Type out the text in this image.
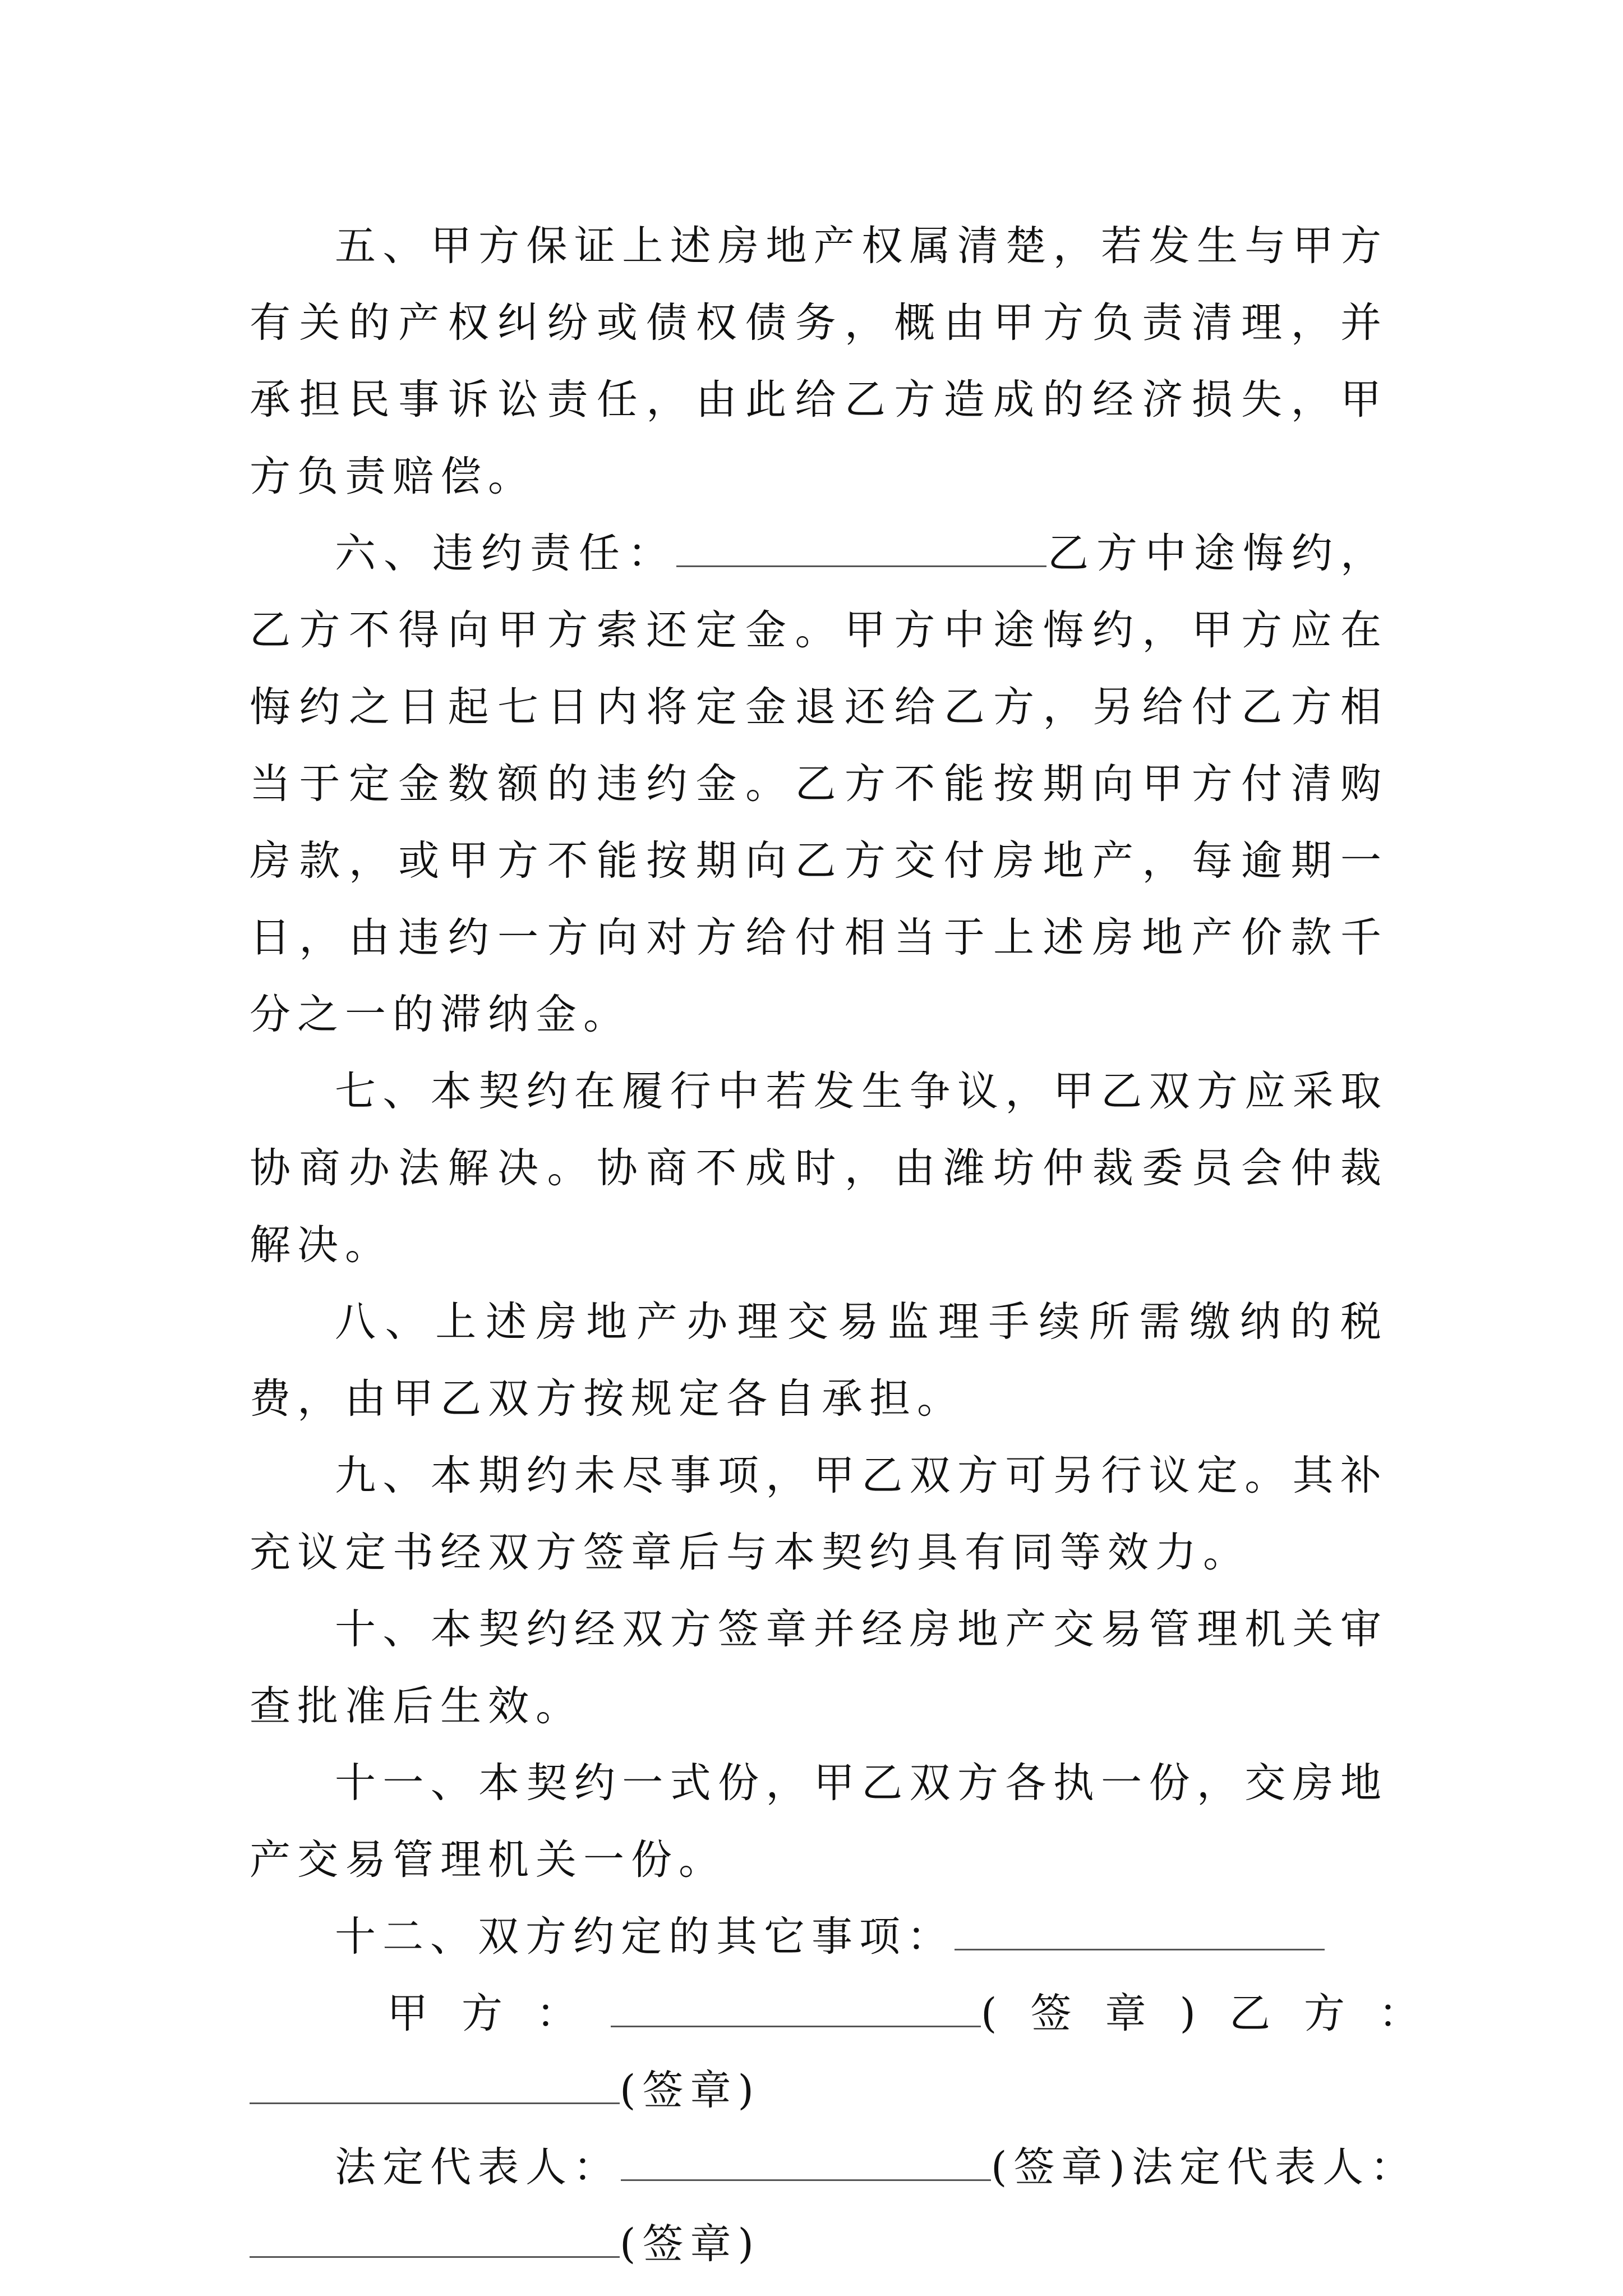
五、甲方保证上述房地产权属清楚，若发生与甲方有关的产权纠纷或债权债务，概由甲方负责清理，并承担民事诉讼责任，由此给乙方造成的经济损失，甲方负责赔偿。

六、违约责任：	乙方中途悔约，乙方不得向甲方索还定金。甲方中途悔约，甲方应在悔约之日起七日内将定金退还给乙方，另给付乙方相当于定金数额的违约金。乙方不能按期向甲方付清购房款，或甲方不能按期向乙方交付房地产，每逾期一日，由违约一方向对方给付相当于上述房地产价款千分之一的滞纳金。

七、本契约在履行中若发生争议，甲乙双方应采取协商办法解决。协商不成时，由潍坊仲裁委员会仲裁解决。

八、上述房地产办理交易监理手续所需缴纳的税费，由甲乙双方按规定各自承担。

九、本期约未尽事项，甲乙双方可另行议定。其补充议定书经双方签章后与本契约具有同等效力。

十、本契约经双方签章并经房地产交易管理机关审查批准后生效。

十一、本契约一式份，甲乙双方各执一份，交房地产交易管理机关一份。

十二、双方约定的其它事项：

甲方：	(签章)乙方：

(签章)

法定代表人：	(签章)法定代表人：

(签章)
